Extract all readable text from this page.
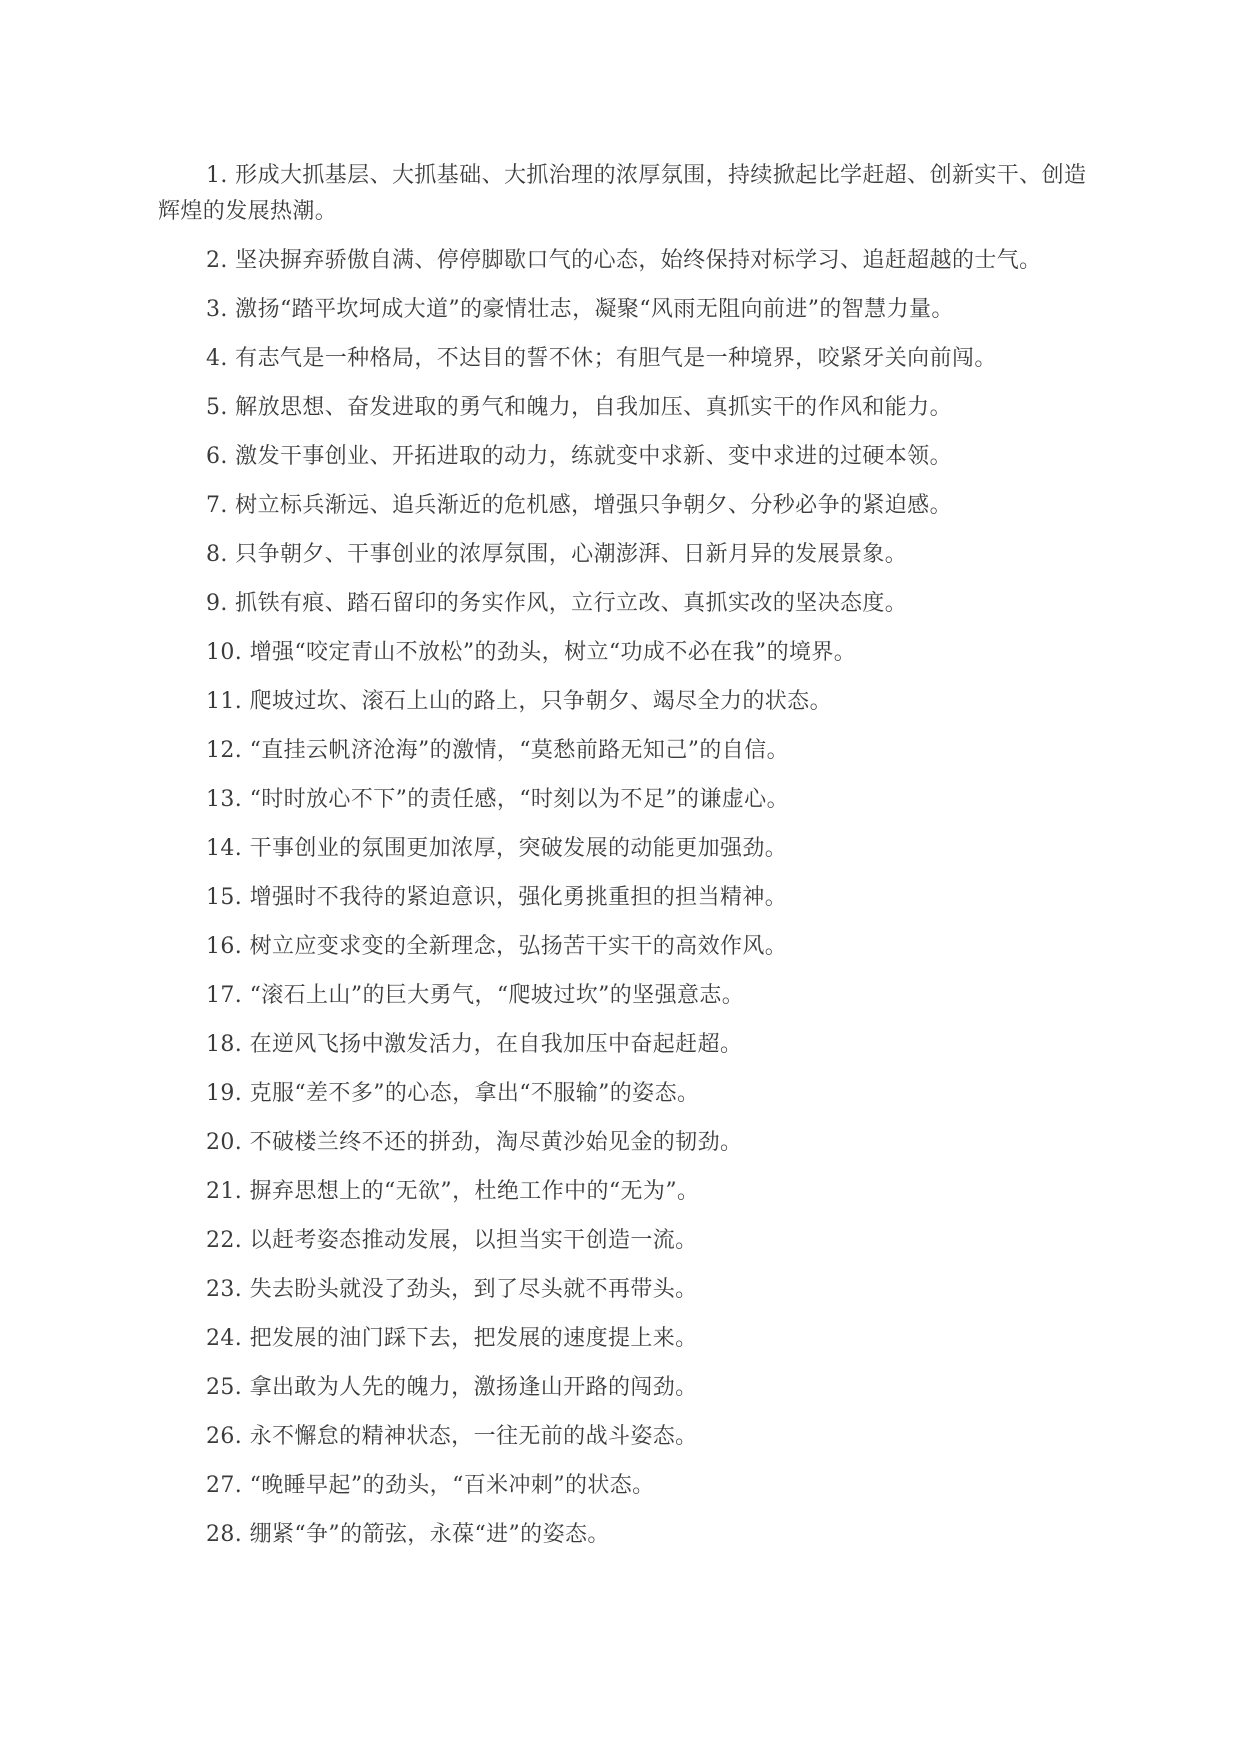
1. 形成大抓基层、大抓基础、大抓治理的浓厚氛围，持续掀起比学赶超、创新实干、创造辉煌的发展热潮。

2. 坚决摒弃骄傲自满、停停脚歇口气的心态，始终保持对标学习、追赶超越的士气。

3. 激扬“踏平坎坷成大道”的豪情壮志，凝聚“风雨无阻向前进”的智慧力量。

4. 有志气是一种格局，不达目的誓不休；有胆气是一种境界，咬紧牙关向前闯。

5. 解放思想、奋发进取的勇气和魄力，自我加压、真抓实干的作风和能力。

6. 激发干事创业、开拓进取的动力，练就变中求新、变中求进的过硬本领。

7. 树立标兵渐远、追兵渐近的危机感，增强只争朝夕、分秒必争的紧迫感。

8. 只争朝夕、干事创业的浓厚氛围，心潮澎湃、日新月异的发展景象。

9. 抓铁有痕、踏石留印的务实作风，立行立改、真抓实改的坚决态度。

10. 增强“咬定青山不放松”的劲头，树立“功成不必在我”的境界。

11. 爬坡过坎、滚石上山的路上，只争朝夕、竭尽全力的状态。

12. “直挂云帆济沧海”的激情，“莫愁前路无知己”的自信。

13. “时时放心不下”的责任感，“时刻以为不足”的谦虚心。

14. 干事创业的氛围更加浓厚，突破发展的动能更加强劲。

15. 增强时不我待的紧迫意识，强化勇挑重担的担当精神。

16. 树立应变求变的全新理念，弘扬苦干实干的高效作风。

17. “滚石上山”的巨大勇气，“爬坡过坎”的坚强意志。

18. 在逆风飞扬中激发活力，在自我加压中奋起赶超。

19. 克服“差不多”的心态，拿出“不服输”的姿态。

20. 不破楼兰终不还的拼劲，淘尽黄沙始见金的韧劲。

21. 摒弃思想上的“无欲”，杜绝工作中的“无为”。

22. 以赶考姿态推动发展，以担当实干创造一流。

23. 失去盼头就没了劲头，到了尽头就不再带头。

24. 把发展的油门踩下去，把发展的速度提上来。

25. 拿出敢为人先的魄力，激扬逢山开路的闯劲。

26. 永不懈怠的精神状态，一往无前的战斗姿态。

27. “晚睡早起”的劲头，“百米冲刺”的状态。

28. 绷紧“争”的箭弦，永葆“进”的姿态。
